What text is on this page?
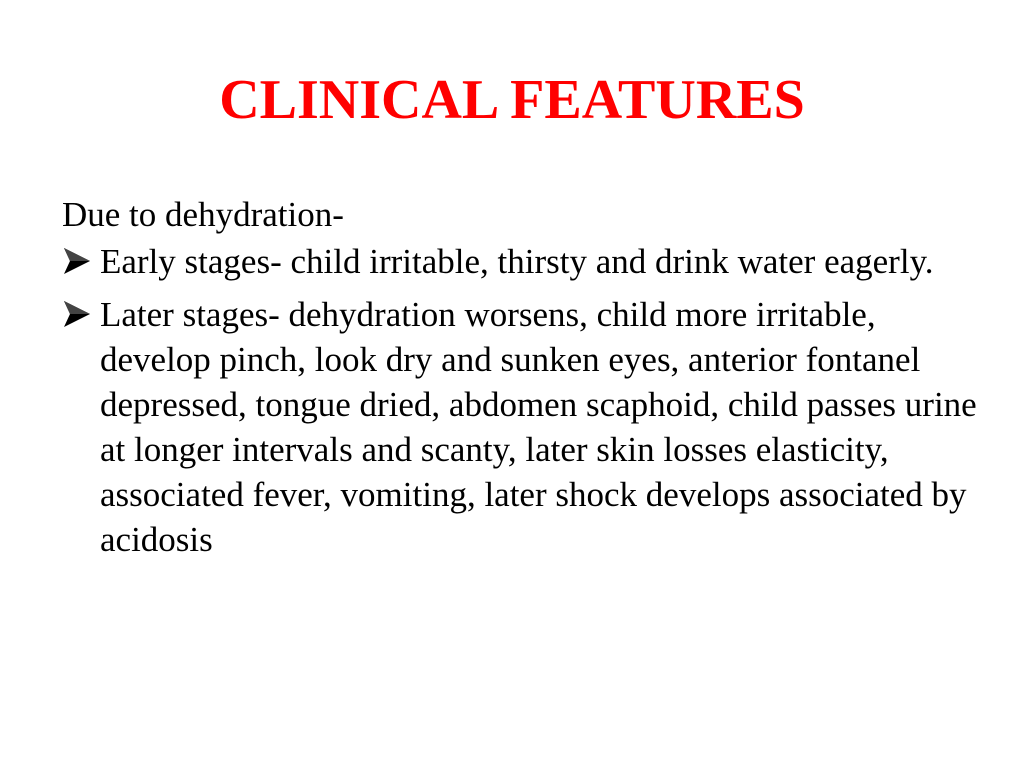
CLINICAL FEATURES

Due to dehydration-

Early stages- child irritable, thirsty and drink water eagerly.
Later stages- dehydration worsens, child more irritable, develop pinch, look dry and sunken eyes, anterior fontanel depressed, tongue dried, abdomen scaphoid, child passes urine at longer intervals and scanty, later skin losses elasticity, associated fever, vomiting, later shock develops associated by acidosis
